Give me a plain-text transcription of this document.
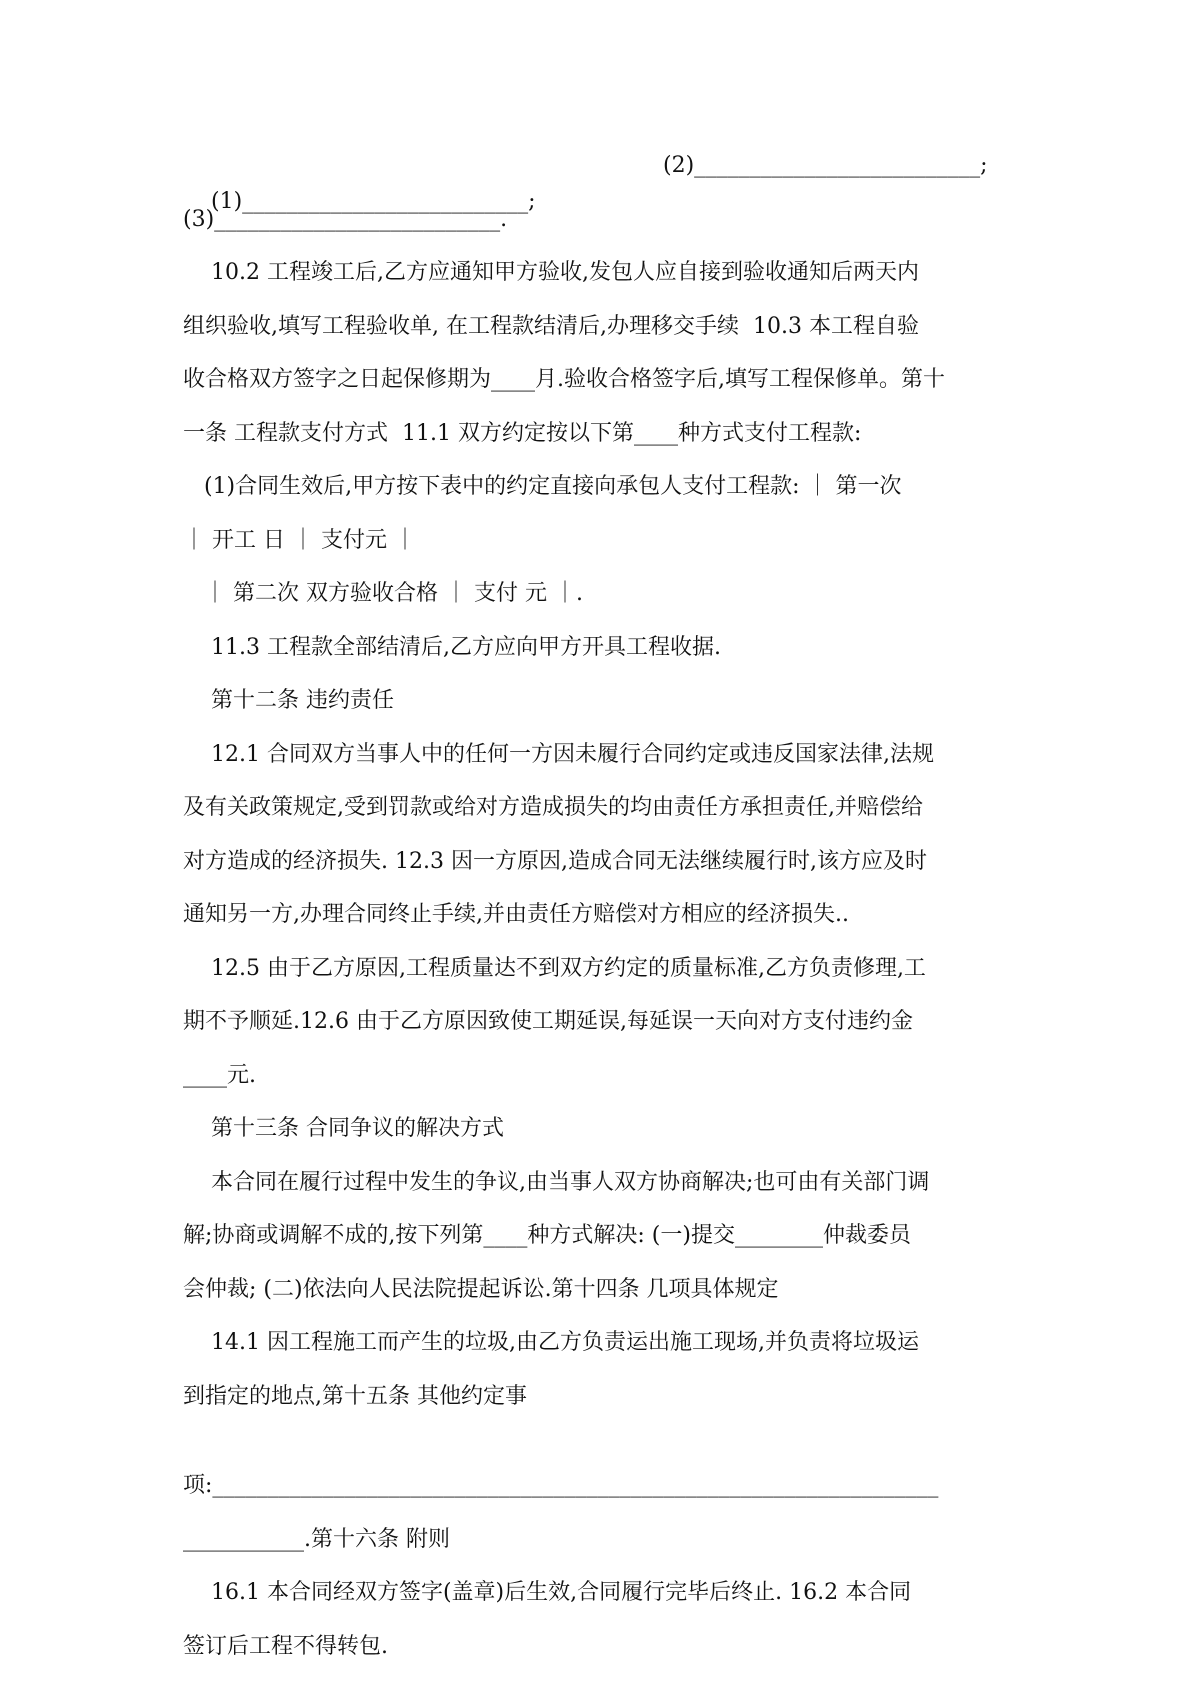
(1)__________________________;

(2)__________________________;

(3)__________________________.
10.2 工程竣工后,乙方应通知甲方验收,发包人应自接到验收通知后两天内
组织验收,填写工程验收单, 在工程款结清后,办理移交手续  10.3 本工程自验
收合格双方签字之日起保修期为____月.验收合格签字后,填写工程保修单。第十
一条 工程款支付方式  11.1 双方约定按以下第____种方式支付工程款:
(1)合同生效后,甲方按下表中的约定直接向承包人支付工程款: ｜ 第一次
｜ 开工 日 ｜ 支付元 ｜
｜ 第二次 双方验收合格 ｜ 支付 元 ｜.
11.3 工程款全部结清后,乙方应向甲方开具工程收据.
第十二条 违约责任
12.1 合同双方当事人中的任何一方因未履行合同约定或违反国家法律,法规
及有关政策规定,受到罚款或给对方造成损失的均由责任方承担责任,并赔偿给
对方造成的经济损失. 12.3 因一方原因,造成合同无法继续履行时,该方应及时
通知另一方,办理合同终止手续,并由责任方赔偿对方相应的经济损失..
12.5 由于乙方原因,工程质量达不到双方约定的质量标准,乙方负责修理,工
期不予顺延.12.6 由于乙方原因致使工期延误,每延误一天向对方支付违约金
____元.
第十三条 合同争议的解决方式
本合同在履行过程中发生的争议,由当事人双方协商解决;也可由有关部门调
解;协商或调解不成的,按下列第____种方式解决: (一)提交________仲裁委员
会仲裁; (二)依法向人民法院提起诉讼.第十四条 几项具体规定
14.1 因工程施工而产生的垃圾,由乙方负责运出施工现场,并负责将垃圾运
到指定的地点,第十五条 其他约定事
项:__________________________________________________________________
___________.第十六条 附则
16.1 本合同经双方签字(盖章)后生效,合同履行完毕后终止. 16.2 本合同
签订后工程不得转包.
